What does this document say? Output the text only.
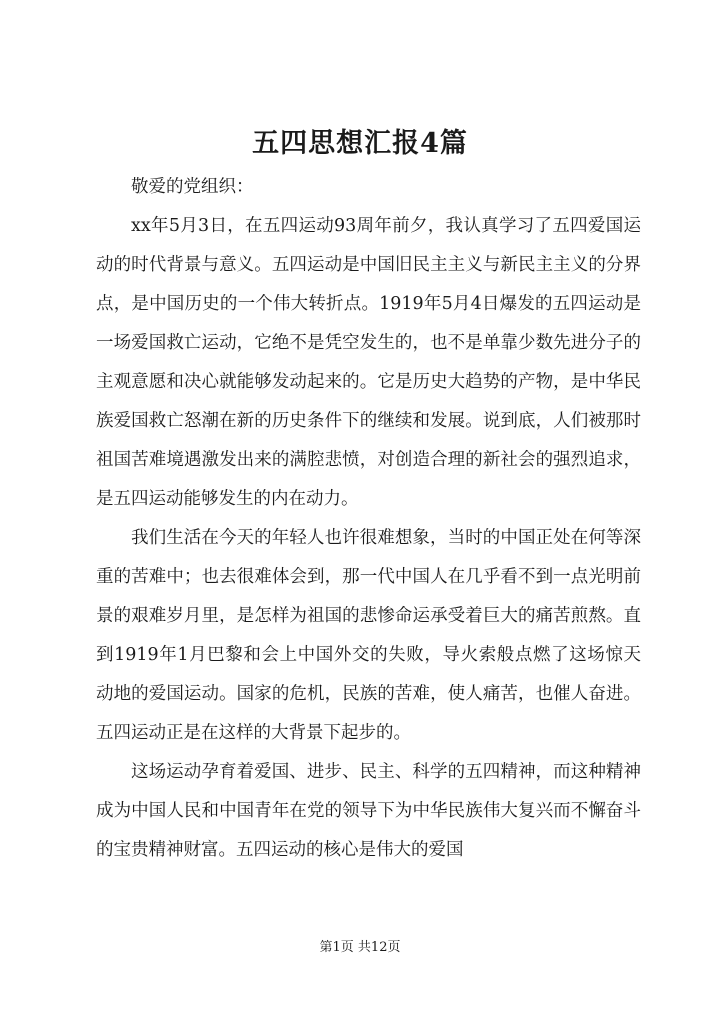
五四思想汇报4篇

敬爱的党组织：

xx年5月3日，在五四运动93周年前夕，我认真学习了五四爱国运动的时代背景与意义。五四运动是中国旧民主主义与新民主主义的分界点，是中国历史的一个伟大转折点。1919年5月4日爆发的五四运动是一场爱国救亡运动，它绝不是凭空发生的，也不是单靠少数先进分子的主观意愿和决心就能够发动起来的。它是历史大趋势的产物，是中华民族爱国救亡怒潮在新的历史条件下的继续和发展。说到底，人们被那时祖国苦难境遇激发出来的满腔悲愤，对创造合理的新社会的强烈追求，是五四运动能够发生的内在动力。

我们生活在今天的年轻人也许很难想象，当时的中国正处在何等深重的苦难中；也去很难体会到，那一代中国人在几乎看不到一点光明前景的艰难岁月里，是怎样为祖国的悲惨命运承受着巨大的痛苦煎熬。直到1919年1月巴黎和会上中国外交的失败，导火索般点燃了这场惊天动地的爱国运动。国家的危机，民族的苦难，使人痛苦，也催人奋进。五四运动正是在这样的大背景下起步的。

这场运动孕育着爱国、进步、民主、科学的五四精神，而这种精神成为中国人民和中国青年在党的领导下为中华民族伟大复兴而不懈奋斗的宝贵精神财富。五四运动的核心是伟大的爱国

第1页 共12页
